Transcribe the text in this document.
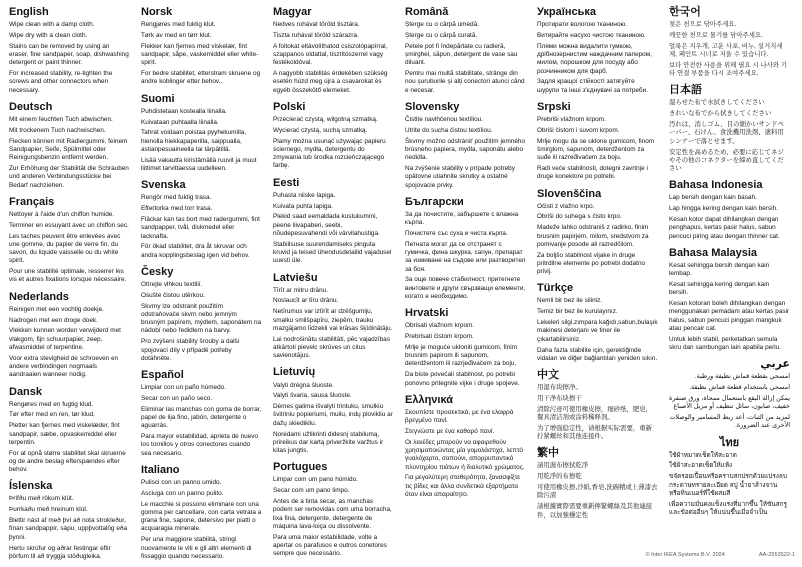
English

Wipe clean with a damp cloth.

Wipe dry with a clean cloth.

Stains can be removed by using an eraser, fine sandpaper, soap, dishwashing detergent or paint thinner.

For increased stability, re-tighten the screws and other connectors when necessary.

Deutsch

Mit einem feuchten Tuch abwischen.

Mit trockenem Tuch nachwischen.

Flecken können mit Radiergummi, feinem Sandpapier, Seife, Spülmittel oder Reinigungsbenzin entfernt werden.

Zur Erhöhung der Stabilität die Schrauben und anderen Verbindungsstücke bei Bedarf nachziehen.

Français

Nettoyer à l'aide d'un chiffon humide.

Terminer en essuyant avec un chiffon sec.

Les taches peuvent être enlevées avec une gomme, du papier de verre fin, du savon, du liquide vaisselle ou du white spirit.

Pour une stabilité optimale, resserrer les vis et autres fixations lorsque nécessaire.

Nederlands

Reinigen met een vochtig doekje.

Nadrogen met een droge doek.

Vlekken kunnen worden verwijderd met vlakgom, fijn schuurpapier, zeep, afwasmiddel of terpentine.

Voor extra stevigheid de schroeven en andere verbindingen nogmaals aandraaien wanneer nodig.

Dansk

Rengøres med en fugtig klud.

Tør efter med en ren, tør klud.

Pletter kan fjernes med viskelæder, fint sandpapir, sæbe, opvaskemiddel eller terpentin.

For at opnå større stabilitet skal skruerne og de andre beslag efterspændes efter behov.

Íslenska

Þrífðu með rökum klút.

Þurrkaðu með hreinum klút.

Blettir nást af með því að nota strokleður, fínan sandpappír, sápu, uppþvottalög eða þynni.

Hertu skrúfur og aðrar festingar eftir þörfum til að tryggja stöðugleika.

Norsk

Rengjøres med fuktig klut.

Tørk av med en tørr klut.

Flekker kan fjernes med viskelær, fint sandpapir, såpe, vaskemiddel eller white-spirit.

For bedre stabilitet, etterstram skruene og andre koblinger etter behov..

Suomi

Puhdistetaan kostealla liinalla.

Kuivataan puhtaalla liinalla.

Tahrat voidaan poistaa pyyhekumilla, hienolla hiekkapaperilla, saippualla, astianpesuaineella tai tärpätillä.

Lisää vakautta kiristämällä ruuvit ja muut liittimet tarvittaessa uudelleen.

Svenska

Rengör med fuktig trasa.

Eftertorka med torr trasa.

Fläckar kan tas bort med radergummi, fint sandpapper, tvål, diskmedel eller lacknafta.

För ökad stabilitet, dra åt skruvar och andra kopplingsbeslag igen vid behov.

Česky

Otírejte vlhkou textilií.

Osušte čistou utěrkou.

Skvrny lze odstranit použitím odstraňovače skvrn nebo jemným brusným papírem, mýdlem, saponátem na nádobí nebo ředidlem na barvy.

Pro zvýšení stability šrouby a další spojovací díly v případě potřeby dotáhněte.

Español

Limpiar con un paño húmedo.

Secar con un paño seco.

Eliminar las manchas con goma de borrar, papel de lija fino, jabón, detergente o aguarrás.

Para mayor estabilidad, aprieta de nuevo los tornillos y otros conectores cuando sea necesario.

Italiano

Pulisci con un panno umido.

Asciuga con un panno pulito.

Le macchie si possono eliminare con una gomma per cancellare, con carta vetrata a grana fine, sapone, detersivo per piatti o acquaragia minerale.

Per una maggiore stabilità, stringi nuovamente le viti e gli altri elementi di fissaggio quando necessario.

Magyar

Nedves ruhával töröld tisztára.

Tiszta ruhával töröld szárazra.

A foltokat eltávolíthatod csiszolópapírral, szappanos oldattal, tisztítószerrel vagy festékoldóval.

A nagyobb stabilitás érdekében szükség esetén húzd meg újra a csavarokat és egyéb összekötő elemeket.

Polski

Przecierać czystą, wilgotną szmatką.

Wycierać czystą, suchą szmatką.

Plamy można usunąć używając papieru ściernego, mydła, detergentu do zmywania lub środka rozcieńczającego farbę.

Eesti

Puhasta niiske lapiga.

Kuivata puhta lapiga.

Plekid saad eemaldada kustukummi, peene liivapaberi, seebi, nõudepesuvahendi või värvilahustiga.

Stabiilsuse suurendamiseks pinguta kruvid ja teised ühendusdetailid vajadusel uuesti üle.

Latviešu

Tīrīt ar mitru drānu.

Noslaucīt ar tīru drānu.

Netīrumus var iztīrīt ar dzēšgumiju, smalku smilšpapīru, ziepēm, trauku mazgājamo līdzekli vai krāsas šķīdinātāju.

Lai nodrošinātu stabilitāti, pēc vajadzības atkārtoti pievelc skrūves un citus savienotājus.

Lietuvių

Valyti drėgna šluoste.

Valyti švaria, sausa šluoste.

Dėmes galima išvalyti trintuku, smulkiu švitriniu popieriumi, muilu, indų plovikliu ar dažų skiedikliu.

Norėdami užtikrinti didesnį stabilumą, prireikus dar kartą priveržkite varžtus ir kitas jungtis.

Portugues

Limpar com um pano húmido.

Secar com um pano limpo.

Antes de a tinta secar, as manchas podem ser removidas com uma borracha, lixa fina, detergente, detergente de máquina lava-loiça ou dissolvente.

Para uma maior estabilidade, volte a apertar os parafusos e outros conetores sempre que necessário.

Română

Șterge cu o cârpă umedă.

Șterge cu o cârpă curată.

Petele pot fi îndepărtate cu radieră, șmirghel, săpun, detergent de vase sau diluant.

Pentru mai multă stabilitate, strânge din nou șuruburile și alți conectori atunci când e necesar.

Slovensky

Čistite navlhčenou textíliou.

Utrite do sucha čistou textíliou.

Škvrny možno odstrániť použitím jemného brúsneho papiera, mydla, saponátu alebo riedidla.

Na zvýšenie stability v prípade potreby opätovne utiahnite skrutky a ostatné spojovacie prvky.

Български

За да почистите, забършете с влажна кърпа.

Почистете със суха и чиста кърпа.

Петната могат да се отстранят с гумичка, фина шкурка, сапун, препарат за измиване на съдове или разтворител за боя.

За още повече стабилност, притегнете винтовете и други свързващи елементи, когато е необходимо.

Hrvatski

Obrisati vlažnom krpom.

Prebrisati čistom krpom.

Mrlje je moguće ukloniti gumicom, finim brusnim papirom ili sapunom, deterdžentom ili razrjeđivačem za boju.

Da biste povećali stabilnost, po potrebi ponovno pritegnite vijke i druge spojeve.

Ελληνικά

Σκουπίστε προσεκτικά, με ένα ελαφρά βρεγμένο πανί.

Στεγνώστε με ένα καθαρό πανί.

Οι λεκέδες μπορούν να αφαιρεθούν χρησιμοποιώντας μία γομολάστιχα, λεπτό γυαλόχαρτο, σαπούνι, απορρυπαντικό πλυντηρίου πιάτων ή διαλυτικό χρώματος.

Για μεγαλύτερη σταθερότητα, ξανασφίξτε τις βίδες και άλλα συνδετικά εξαρτήματα όταν είναι απαραίτητο.

Українська

Протирати вологою тканиною.

Витирайте насухо чистою тканиною.

Плями можна видалити гумкою, дрібнозернистим наждачним папером, милом, порошком для посуду або розчинником для фарб.

Задля кращої стійкості затягуйте шурупи та інші з'єднувачі за потреби.

Srpski

Prebriši vlažnom krpom.

Obriši čistom i suvom krpom.

Mrlje mogu da se uklone gumicom, finom šmirglom, sapunom, deterdžentom za suđe ili razređivačem za boju.

Radi veće stabilnosti, dotegni zavrtnje i druge konektore po potrebi.

Slovenščina

Očisti z vlažno krpo.

Obriši do suhega s čisto krpo.

Madeže lahko odstraniš z radirko, finim brusnim papirjem, milom, sredstvom za pomivanje posode ali razredčilom.

Za boljšo stabilnost vijake in druge pritrdilne elemente po potrebi dodatno privij.

Türkçe

Nemli bir bez ile siliniz.

Temiz bir bez ile kurulayınız.

Lekeleri silgi,zımpara kağıdı,sabun,bulaşık makinesi deterjanı ve tiner ile çıkartabilirsiniz.

Daha fazla stabilite için, gerektiğinde vidaları ve diğer bağlantıları yeniden sıkın.

中文

用湿布块擦净。

用干净布块擦干

清除污迹可使用橡皮擦，细砂纸，肥皂，餐具清洁剂或涂料稀释剂。

为了增强稳定性，请根据实际需要，重新拧紧螺丝和其他连接件。

繁中

請用濕布擦拭乾淨

用乾淨的布擦乾

可使用橡皮擦,沙紙,香皂,洗碗精或上薄漆去除污漬

請根據實際需要重新擰緊螺絲及其他連接件，以加強穩定性

한국어

젖은 천으로 닦아주세요.

깨끗한 천으로 물기를 닦아주세요.

얼룩은 지우개, 고운 사포, 비누, 설거지세제, 페인트 시너로 지울 수 있습니다.

보다 안전한 사용을 위해 필요 시 나사와 기타 연결 부품을 다시 조여주세요.

日本語

湿らせた布で水拭きしてください

きれいな布でから拭きしてください

汚れは、消しゴム、目の細かいサンドペーパー、石けん、食洗機用洗剤、塗料用シンナーで落とせます。

安定性を高めるため、必要に応じてネジやその他のコネクターを締め直してください

Bahasa Indonesia

Lap bersih dengan kain basah.

Lap hingga kering dengan kain bersih.

Kesan kotor dapat dihilangkan dengan penghapus, kertas pasir halus, sabun pencuci piring atau dengan thinner cat.

Bahasa Malaysia

Kesat sehingga bersih dengan kain lembap.

Kesat sehingga kering dengan kain bersih.

Kesan kotoran boleh dihilangkan dengan menggunakan pemadam atau kertas pasir halus, sabun pencuci pinggan mangkuk atau pencair cat.

Untuk lebih stabil, perketatkan semula skru dan sambungan lain apabila perlu.

عربي

امسحي بقطعة قماش نظيفة ورطبة.

امسحي باستخدام قطعة قماش نظيفة.

يمكن إزالة البقع باستعمال ممحاة، ورق صنفرة خفيف، صابون، سائل تنظيف أو مزيل الأصباغ

لمزيد من الثبات، أعد ربط المسامير والوصلات الأخرى عند الضرورة.

ไทย

ใช้ผ้าหมาดเช็ดให้สะอาด

ใช้ผ้าสะอาดเช็ดให้แห้ง

ขจัดรอยเปื้อนหรือคราบสกปรกด้วยแปรงลบ กระดาษทรายละเอียด สบู่ น้ำยาล้างจาน หรือทินเนอร์ที่ใช้ผสมสี

เพื่อความมั่นคงแข็งแรงที่มากขึ้น ให้ขันสกรูและข้อต่ออื่นๆ ให้แน่นขึ้นเมื่อจำเป็น

© Inter IKEA Systems B.V. 2024	AA-2553522-1
